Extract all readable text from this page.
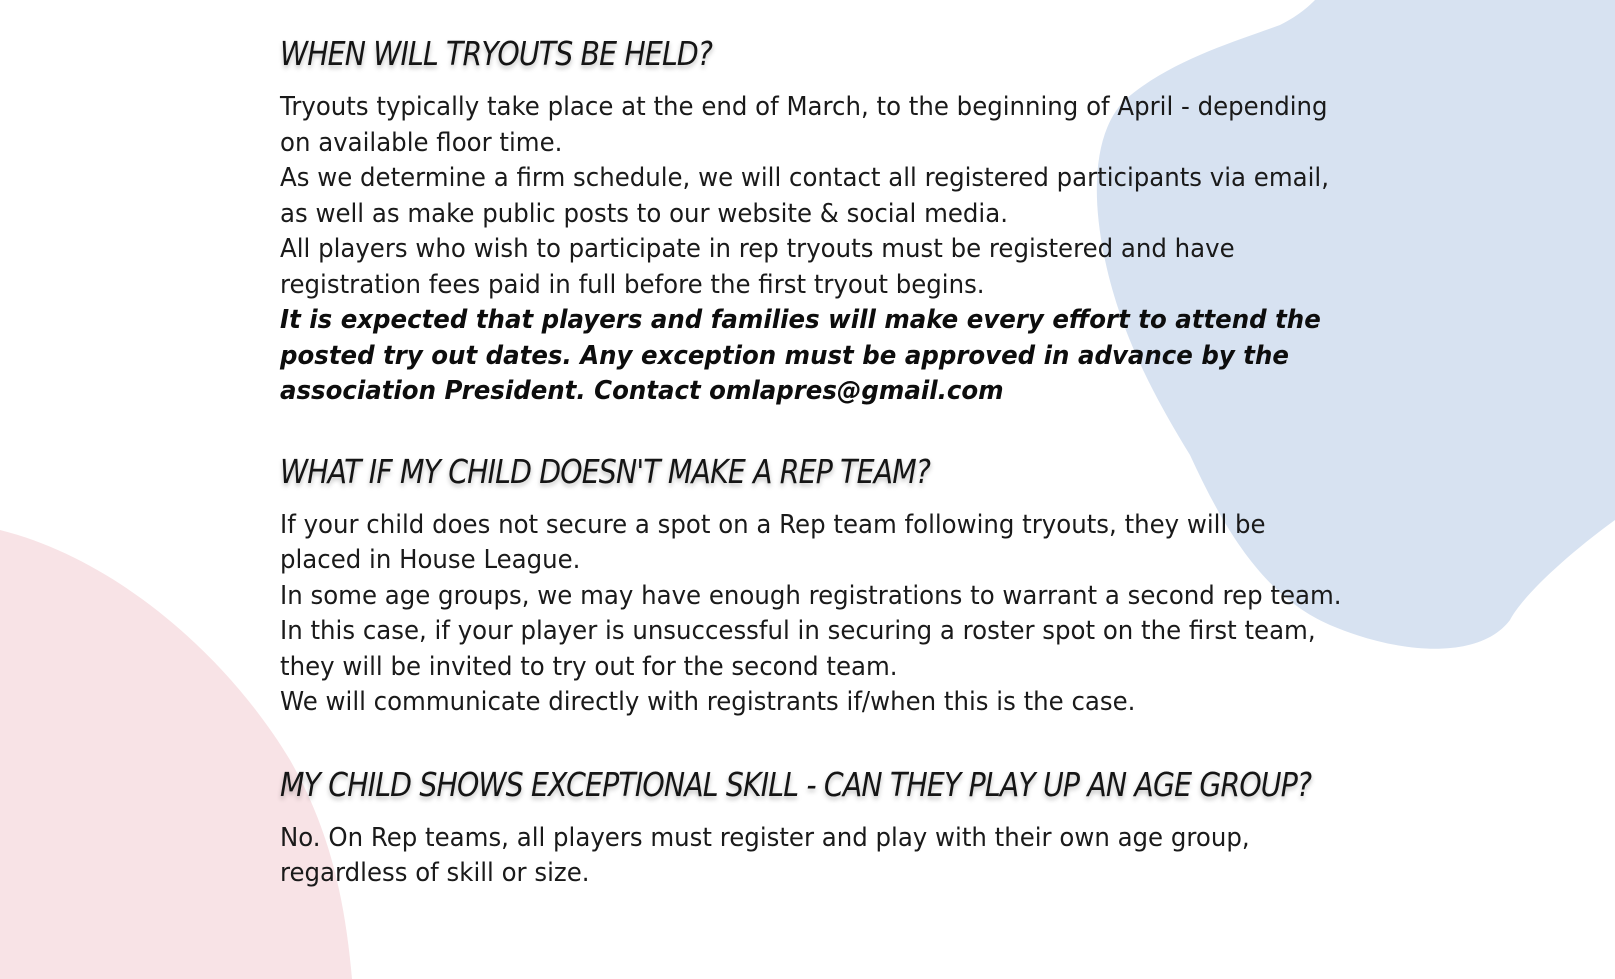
WHEN WILL TRYOUTS BE HELD?

Tryouts typically take place at the end of March, to the beginning of April - depending on available floor time.

As we determine a firm schedule, we will contact all registered participants via email, as well as make public posts to our website & social media.

All players who wish to participate in rep tryouts must be registered and have registration fees paid in full before the first tryout begins.

It is expected that players and families will make every effort to attend the posted try out dates. Any exception must be approved in advance by the association President. Contact omlapres@gmail.com

WHAT IF MY CHILD DOESN'T MAKE A REP TEAM?

If your child does not secure a spot on a Rep team following tryouts, they will be placed in House League.

In some age groups, we may have enough registrations to warrant a second rep team. In this case, if your player is unsuccessful in securing a roster spot on the first team, they will be invited to try out for the second team.

We will communicate directly with registrants if/when this is the case.

MY CHILD SHOWS EXCEPTIONAL SKILL - CAN THEY PLAY UP AN AGE GROUP?

No. On Rep teams, all players must register and play with their own age group, regardless of skill or size.
